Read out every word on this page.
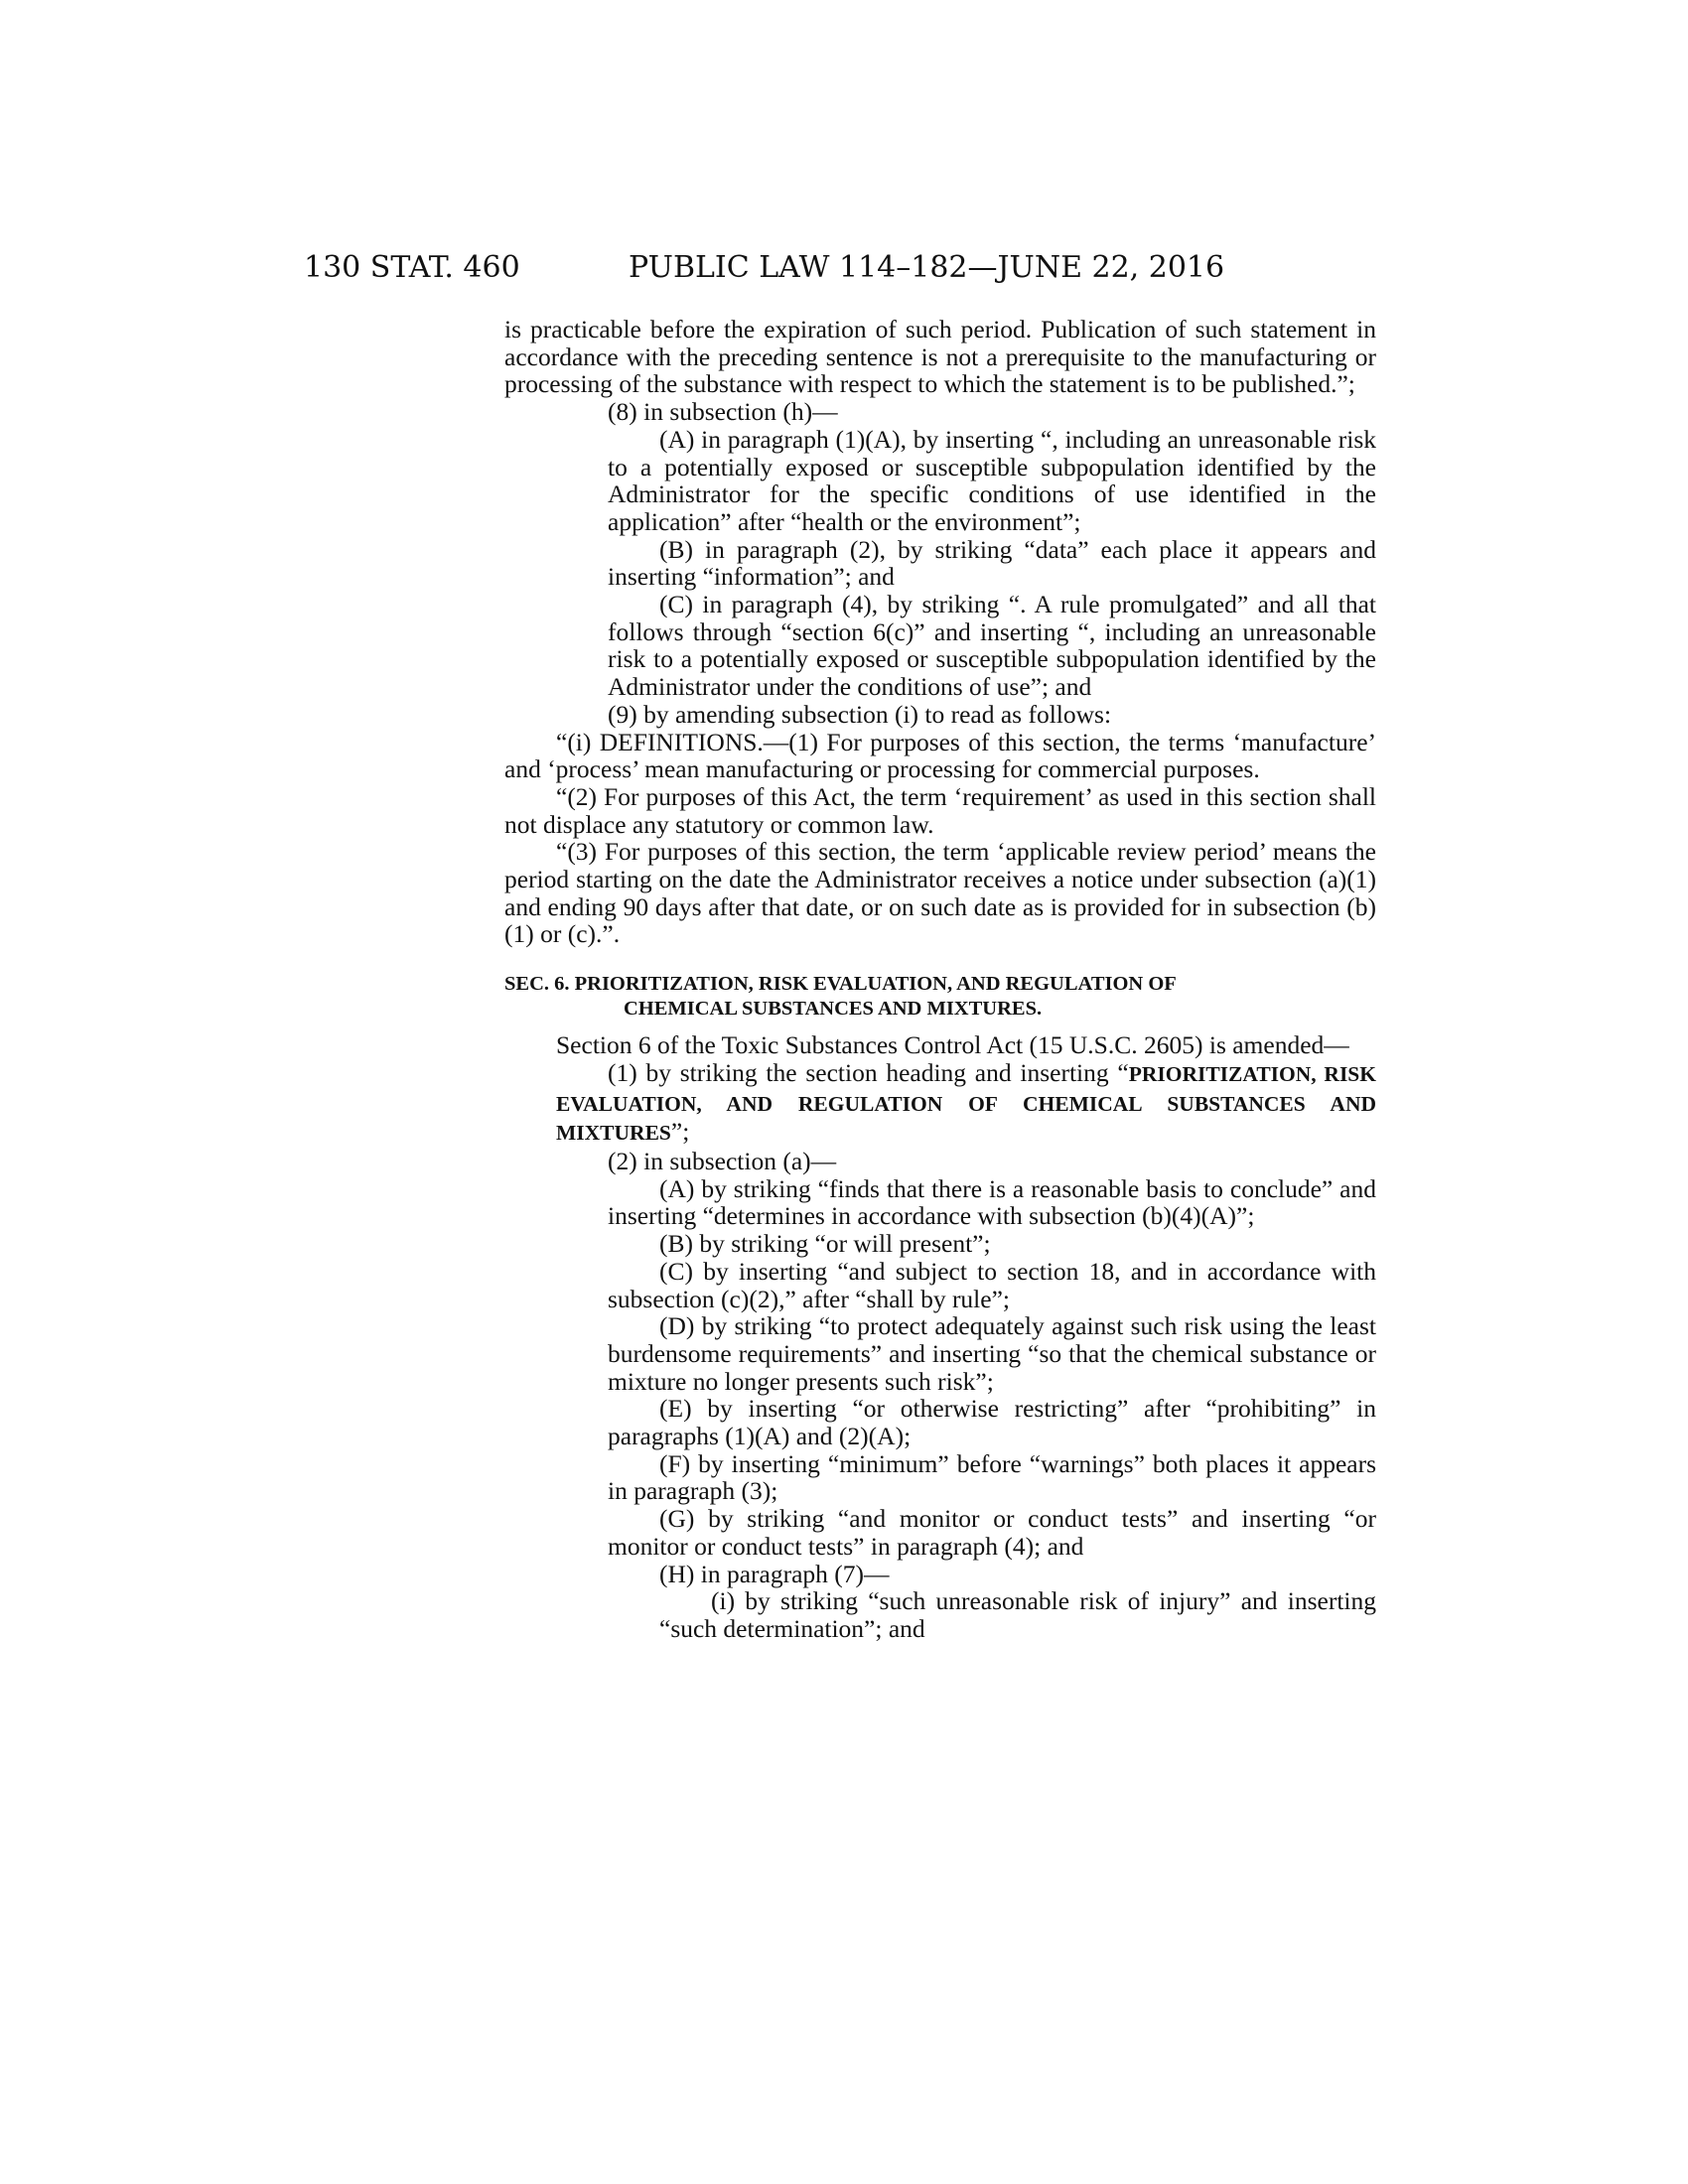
130 STAT. 460	PUBLIC LAW 114–182—JUNE 22, 2016

is practicable before the expiration of such period. Publication of such statement in accordance with the preceding sentence is not a prerequisite to the manufacturing or processing of the substance with respect to which the statement is to be published.”;

(8) in subsection (h)—

(A) in paragraph (1)(A), by inserting “, including an unreasonable risk to a potentially exposed or susceptible subpopulation identified by the Administrator for the specific conditions of use identified in the application” after “health or the environment”;

(B) in paragraph (2), by striking “data” each place it appears and inserting “information”; and

(C) in paragraph (4), by striking “. A rule promulgated” and all that follows through “section 6(c)” and inserting “, including an unreasonable risk to a potentially exposed or susceptible subpopulation identified by the Administrator under the conditions of use”; and

(9) by amending subsection (i) to read as follows:

“(i) DEFINITIONS.—(1) For purposes of this section, the terms ‘manufacture’ and ‘process’ mean manufacturing or processing for commercial purposes.

“(2) For purposes of this Act, the term ‘requirement’ as used in this section shall not displace any statutory or common law.

“(3) For purposes of this section, the term ‘applicable review period’ means the period starting on the date the Administrator receives a notice under subsection (a)(1) and ending 90 days after that date, or on such date as is provided for in subsection (b)(1) or (c).”.

SEC. 6. PRIORITIZATION, RISK EVALUATION, AND REGULATION OF
CHEMICAL SUBSTANCES AND MIXTURES.

Section 6 of the Toxic Substances Control Act (15 U.S.C. 2605) is amended—

(1) by striking the section heading and inserting “PRIORITIZATION, RISK EVALUATION, AND REGULATION OF CHEMICAL SUBSTANCES AND MIXTURES”;

(2) in subsection (a)—

(A) by striking “finds that there is a reasonable basis to conclude” and inserting “determines in accordance with subsection (b)(4)(A)”;

(B) by striking “or will present”;

(C) by inserting “and subject to section 18, and in accordance with subsection (c)(2),” after “shall by rule”;

(D) by striking “to protect adequately against such risk using the least burdensome requirements” and inserting “so that the chemical substance or mixture no longer presents such risk”;

(E) by inserting “or otherwise restricting” after “prohibiting” in paragraphs (1)(A) and (2)(A);

(F) by inserting “minimum” before “warnings” both places it appears in paragraph (3);

(G) by striking “and monitor or conduct tests” and inserting “or monitor or conduct tests” in paragraph (4); and

(H) in paragraph (7)—

(i) by striking “such unreasonable risk of injury” and inserting “such determination”; and
